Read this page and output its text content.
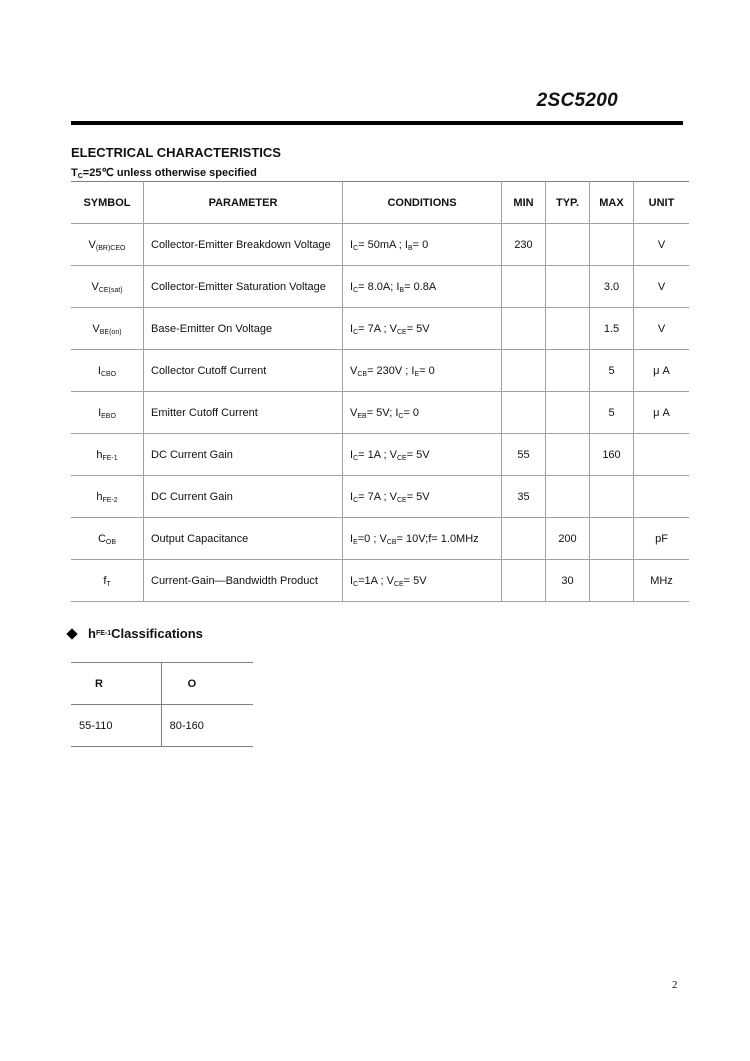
2SC5200
ELECTRICAL CHARACTERISTICS
$T_C=25℃$ unless otherwise specified
SYMBOL	PARAMETER	CONDITIONS	MIN	TYP.	MAX	UNIT
$V_{(BR)CEO}$	Collector-Emitter Breakdown Voltage	$I_C= 50mA$ ; $I_B= 0$	230			V
$V_{CE(sat)}$	Collector-Emitter Saturation Voltage	$I_C= 8.0A$; $I_B= 0.8A$			3.0	V
$V_{BE(on)}$	Base-Emitter On Voltage	$I_C= 7A$ ; $V_{CE}= 5V$			1.5	V
$I_{CBO}$	Collector Cutoff Current	$V_{CB}= 230V$ ; $I_E= 0$			5	μ A
$I_{EBO}$	Emitter Cutoff Current	$V_{EB}= 5V$; $I_C= 0$			5	μ A
$h_{FE-1}$	DC Current Gain	$I_C= 1A$ ; $V_{CE}= 5V$	55		160	
$h_{FE-2}$	DC Current Gain	$I_C= 7A$ ; $V_{CE}= 5V$	35			
$C_{OB}$	Output Capacitance	$I_E=0$ ; $V_{CB}=$ 10V;f= 1.0MHz		200		pF
$f_T$	Current-Gain—Bandwidth Product	$I_C=1A$ ; $V_{CE}= 5V$		30		MHz
h FE-1 Classifications
R	O
55-110	80-160
2
